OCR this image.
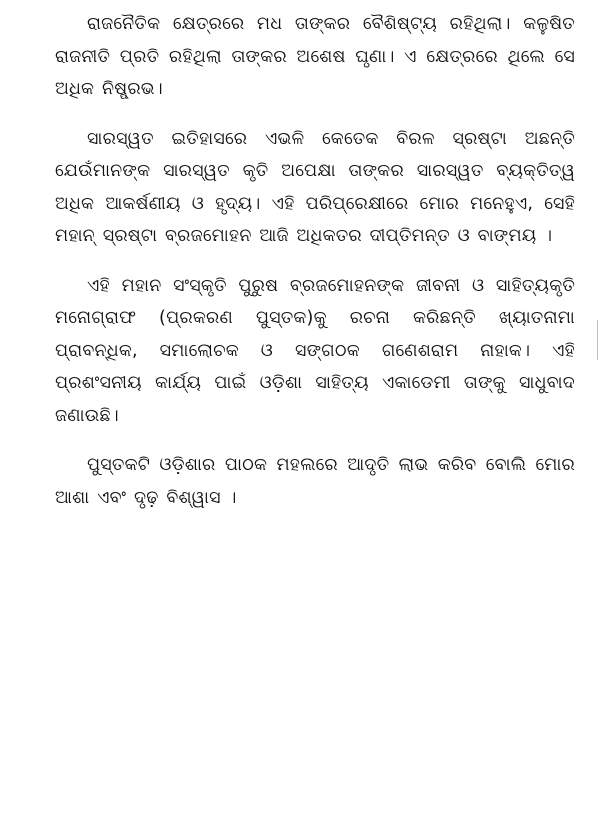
ରାଜନୈତିକ କ୍ଷେତ୍ରରେ ମଧ ତାଙ୍କର ବୈଶିଷ୍ଟ୍ୟ ରହିଥିଲା। କଳୁଷିତ ରାଜନୀତି ପ୍ରତି ରହିଥିଲା ତାଙ୍କର ଅଶେଷ ଘୃଣା। ଏ କ୍ଷେତ୍ରରେ ଥିଲେ ସେ ଅଧିକ ନିଷ୍ପ୍ରଭ।

ସାରସ୍ୱତ ଇତିହାସରେ ଏଭଳି କେତେକ ବିରଳ ସ୍ରଷ୍ଟା ଅଛନ୍ତି ଯେଉଁମାନଙ୍କ ସାରସ୍ୱତ କୃତି ଅପେକ୍ଷା ତାଙ୍କର ସାରସ୍ୱତ ବ୍ୟକ୍ତିତ୍ୱ ଅଧିକ ଆକର୍ଷଣୀୟ ଓ ହୃଦ୍ୟ। ଏହି ପରିପ୍ରେକ୍ଷୀରେ ମୋର ମନେହୁଏ, ସେହି ମହାନ୍ ସ୍ରଷ୍ଟା ବ୍ରଜମୋହନ ଆଜି ଅଧିକତର ଦୀପ୍ତିମନ୍ତ ଓ ବାଙ୍ମୟ ।

ଏହି ମହାନ ସଂସ୍କୃତି ପୁରୁଷ ବ୍ରଜମୋହନଙ୍କ ଜୀବନୀ ଓ ସାହିତ୍ୟକୃତି ମନୋଗ୍ରାଫ (ପ୍ରକରଣ ପୁସ୍ତକ)କୁ ରଚନା କରିଛନ୍ତି ଖ୍ୟାତନାମା ପ୍ରାବନ୍ଧିକ, ସମାଲୋଚକ ଓ ସଙ୍ଗଠକ ଗଣେଶରାମ ନାହାକ। ଏହି ପ୍ରଶଂସନୀୟ କାର୍ଯ୍ୟ ପାଇଁ ଓଡ଼ିଶା ସାହିତ୍ୟ ଏକାଡେମୀ ତାଙ୍କୁ ସାଧୁବାଦ ଜଣାଉଛି।

ପୁସ୍ତକଟି ଓଡ଼ିଶାର ପାଠକ ମହଲରେ ଆଦୃତି ଲାଭ କରିବ ବୋଲି ମୋର ଆଶା ଏବଂ ଦୃଢ଼ ବିଶ୍ୱାସ ।
